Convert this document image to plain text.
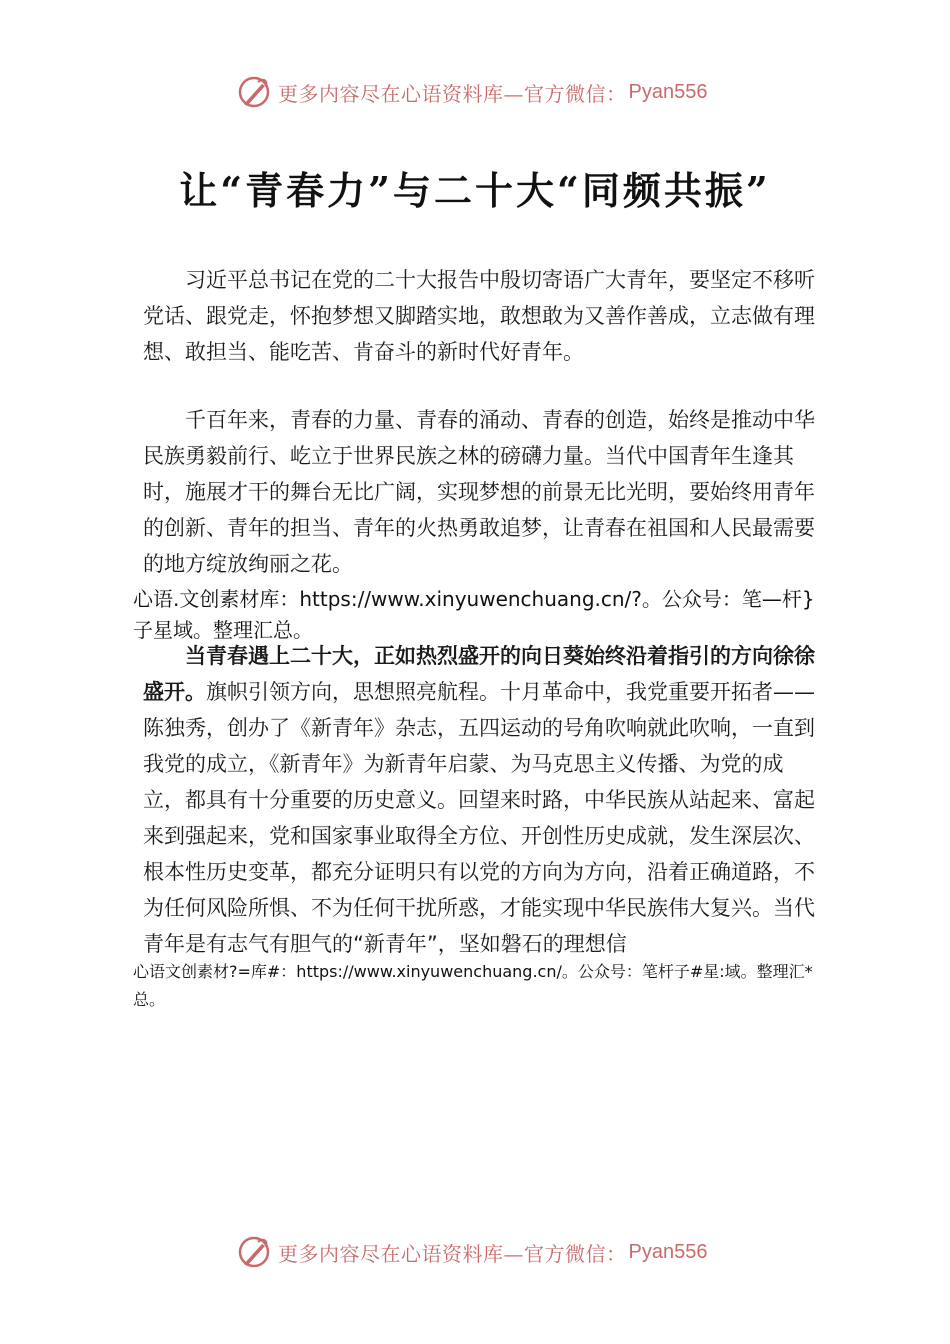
更多内容尽在心语资料库—官方微信： Pyan556
让“青春力”与二十大“同频共振”

习近平总书记在党的二十大报告中殷切寄语广大青年，要坚定不移听党话、跟党走，怀抱梦想又脚踏实地，敢想敢为又善作善成，立志做有理想、敢担当、能吃苦、肯奋斗的新时代好青年。

千百年来，青春的力量、青春的涌动、青春的创造，始终是推动中华民族勇毅前行、屹立于世界民族之林的磅礴力量。当代中国青年生逢其时，施展才干的舞台无比广阔，实现梦想的前景无比光明，要始终用青年的创新、青年的担当、青年的火热勇敢追梦，让青春在祖国和人民最需要的地方绽放绚丽之花。

心语.文创素材库：https://www.xinyuwenchuang.cn/?。公众号：笔—杆}子星域。整理汇总。

当青春遇上二十大，正如热烈盛开的向日葵始终沿着指引的方向徐徐盛开。旗帜引领方向，思想照亮航程。十月革命中，我党重要开拓者——陈独秀，创办了《新青年》杂志，五四运动的号角吹响就此吹响，一直到我党的成立，《新青年》为新青年启蒙、为马克思主义传播、为党的成立，都具有十分重要的历史意义。回望来时路，中华民族从站起来、富起来到强起来，党和国家事业取得全方位、开创性历史成就，发生深层次、根本性历史变革，都充分证明只有以党的方向为方向，沿着正确道路，不为任何风险所惧、不为任何干扰所惑，才能实现中华民族伟大复兴。当代青年是有志气有胆气的“新青年”，坚如磐石的理想信

心语文创素材?=库#：https://www.xinyuwenchuang.cn/。公众号：笔杆子#星:域。整理汇*总。

更多内容尽在心语资料库—官方微信： Pyan556
